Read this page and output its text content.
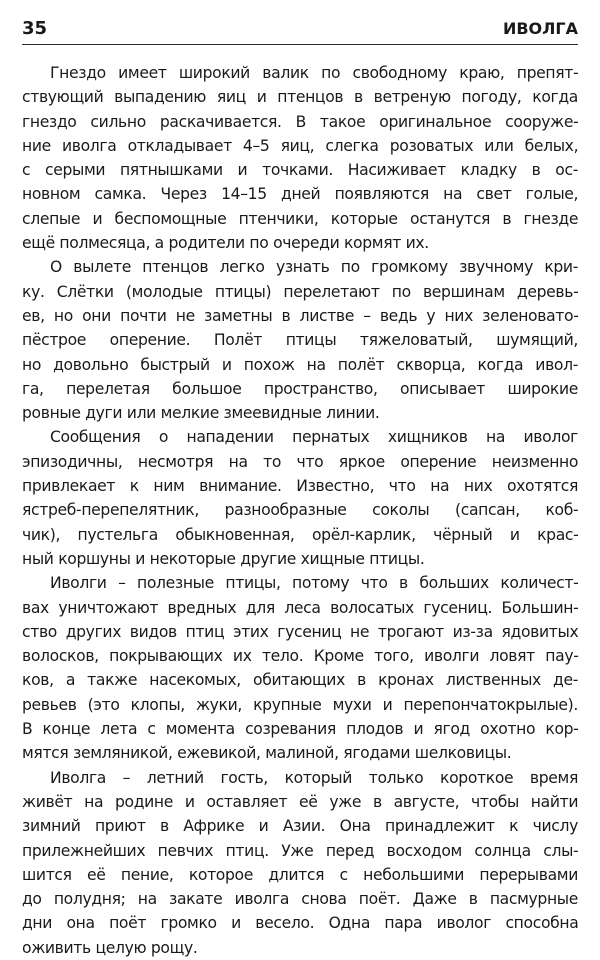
35	ИВОЛГА
Гнездо имеет широкий валик по свободному краю, препят-
ствующий выпадению яиц и птенцов в ветреную погоду, когда
гнездо сильно раскачивается. В такое оригинальное сооруже-
ние иволга откладывает 4–5 яиц, слегка розоватых или белых,
с серыми пятнышками и точками. Насиживает кладку в ос-
новном самка. Через 14–15 дней появляются на свет голые,
слепые и беспомощные птенчики, которые останутся в гнезде
ещё полмесяца, а родители по очереди кормят их.
О вылете птенцов легко узнать по громкому звучному кри-
ку. Слётки (молодые птицы) перелетают по вершинам деревь-
ев, но они почти не заметны в листве – ведь у них зеленовато-
пёстрое оперение. Полёт птицы тяжеловатый, шумящий,
но довольно быстрый и похож на полёт скворца, когда ивол-
га, перелетая большое пространство, описывает широкие
ровные дуги или мелкие змеевидные линии.
Сообщения о нападении пернатых хищников на иволог
эпизодичны, несмотря на то что яркое оперение неизменно
привлекает к ним внимание. Известно, что на них охотятся
ястреб-перепелятник, разнообразные соколы (сапсан, коб-
чик), пустельга обыкновенная, орёл-карлик, чёрный и крас-
ный коршуны и некоторые другие хищные птицы.
Иволги – полезные птицы, потому что в больших количест-
вах уничтожают вредных для леса волосатых гусениц. Большин-
ство других видов птиц этих гусениц не трогают из-за ядовитых
волосков, покрывающих их тело. Кроме того, иволги ловят пау-
ков, а также насекомых, обитающих в кронах лиственных де-
ревьев (это клопы, жуки, крупные мухи и перепончатокрылые).
В конце лета с момента созревания плодов и ягод охотно кор-
мятся земляникой, ежевикой, малиной, ягодами шелковицы.
Иволга – летний гость, который только короткое время
живёт на родине и оставляет её уже в августе, чтобы найти
зимний приют в Африке и Азии. Она принадлежит к числу
прилежнейших певчих птиц. Уже перед восходом солнца слы-
шится её пение, которое длится с небольшими перерывами
до полудня; на закате иволга снова поёт. Даже в пасмурные
дни она поёт громко и весело. Одна пара иволог способна
оживить целую рощу.
